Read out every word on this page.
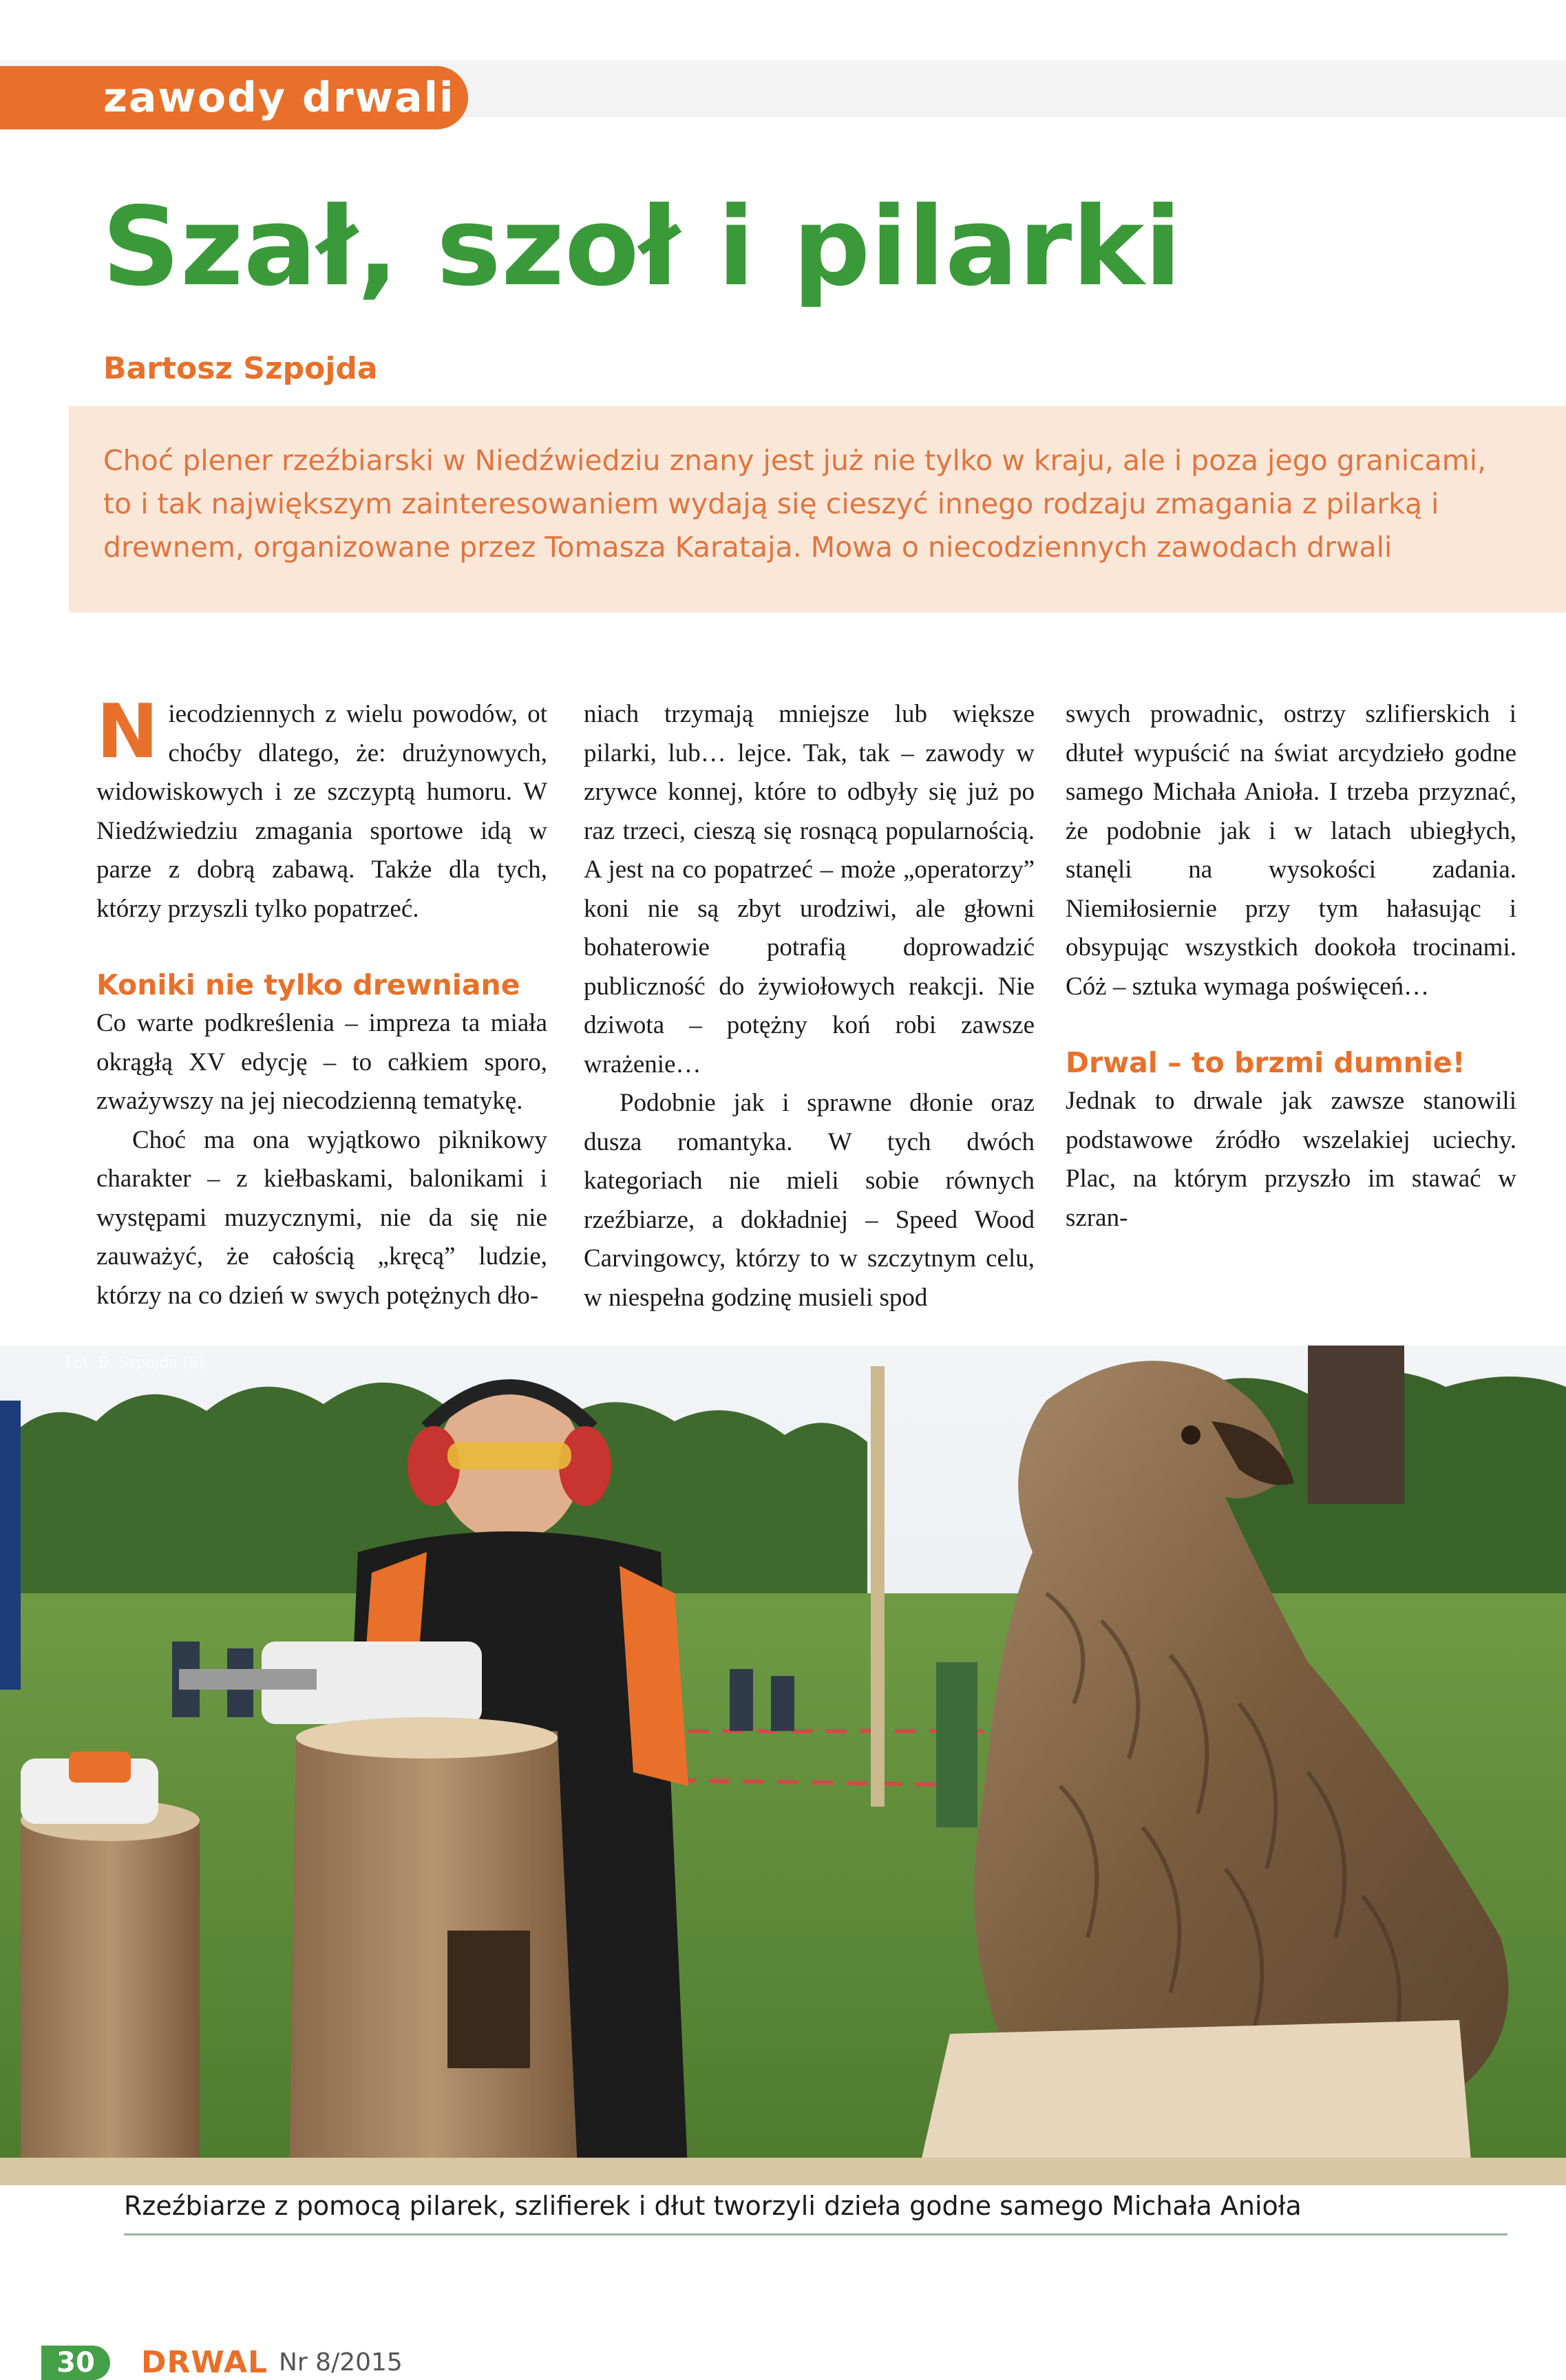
zawody drwali
Szał, szoł i pilarki
Bartosz Szpojda

Choć plener rzeźbiarski w Niedźwiedziu znany jest już nie tylko w kraju, ale i poza jego granicami, to i tak największym zainteresowaniem wydają się cieszyć innego rodzaju zmagania z pilarką i drewnem, organizowane przez Tomasza Karataja. Mowa o niecodziennych zawodach drwali

Niecodziennych z wielu powodów, ot choćby dlatego, że: drużynowych, widowiskowych i ze szczyptą humoru. W Niedźwiedziu zmagania sportowe idą w parze z dobrą zabawą. Także dla tych, którzy przyszli tylko popatrzeć.

Koniki nie tylko drewniane

Co warte podkreślenia – impreza ta miała okrągłą XV edycję – to całkiem sporo, zważywszy na jej niecodzienną tematykę.

Choć ma ona wyjątkowo piknikowy charakter – z kiełbaskami, balonikami i występami muzycznymi, nie da się nie zauważyć, że całością „kręcą” ludzie, którzy na co dzień w swych potężnych dło-

niach trzymają mniejsze lub większe pilarki, lub… lejce. Tak, tak – zawody w zrywce konnej, które to odbyły się już po raz trzeci, cieszą się rosnącą popularnością. A jest na co popatrzeć – może „operatorzy” koni nie są zbyt urodziwi, ale głowni bohaterowie potrafią doprowadzić publiczność do żywiołowych reakcji. Nie dziwota – potężny koń robi zawsze wrażenie…

Podobnie jak i sprawne dłonie oraz dusza romantyka. W tych dwóch kategoriach nie mieli sobie równych rzeźbiarze, a dokładniej – Speed Wood Carvingowcy, którzy to w szczytnym celu, w niespełna godzinę musieli spod

swych prowadnic, ostrzy szlifierskich i dłuteł wypuścić na świat arcydzieło godne samego Michała Anioła. I trzeba przyznać, że podobnie jak i w latach ubiegłych, stanęli na wysokości zadania. Niemiłosiernie przy tym hałasując i obsypując wszystkich dookoła trocinami. Cóż – sztuka wymaga poświęceń…

Drwal – to brzmi dumnie!

Jednak to drwale jak zawsze stanowili podstawowe źródło wszelakiej uciechy. Plac, na którym przyszło im stawać w szran-

Fot. B. Szpojda (9)
Rzeźbiarze z pomocą pilarek, szlifierek i dłut tworzyli dzieła godne samego Michała Anioła
30	DRWAL Nr 8/2015
